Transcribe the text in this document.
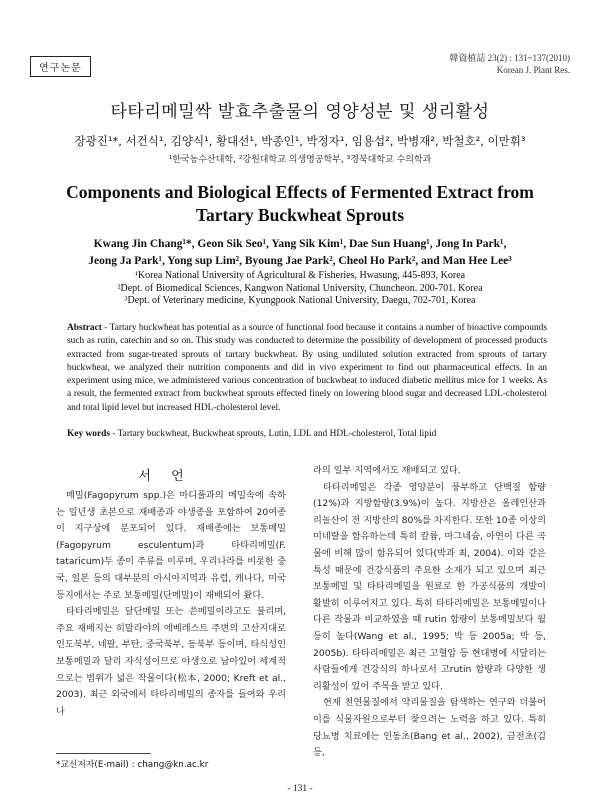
연구논문
韓資植誌 23(2) : 131~137(2010)
Korean J. Plant Res.
타타리메밀싹 발효추출물의 영양성분 및 생리활성
장광진¹*, 서건식¹, 김양식¹, 황대선¹, 박종인¹, 박정자¹, 임용섭², 박병재², 박철호², 이만휘³
¹한국농수산대학, ²강원대학교 의생명공학부, ³경북대학교 수의학과
Components and Biological Effects of Fermented Extract from
Tartary Buckwheat Sprouts
Kwang Jin Chang¹*, Geon Sik Seo¹, Yang Sik Kim¹, Dae Sun Huang¹, Jong In Park¹,
Jeong Ja Park¹, Yong sup Lim², Byoung Jae Park², Cheol Ho Park², and Man Hee Lee³
¹Korea National University of Agricultural & Fisheries, Hwasung, 445-893, Korea
²Dept. of Biomedical Sciences, Kangwon National University, Chuncheon. 200-701. Korea
³Dept. of Veterinary medicine, Kyungpook National University, Daegu, 702-701, Korea
Abstract - Tartary buckwheat has potential as a source of functional food because it contains a number of bioactive compounds such as rutin, catechin and so on. This study was conducted to determine the possibility of development of processed products extracted from sugar-treated sprouts of tartary buckwheat. By using undiluted solution extracted from sprouts of tartary buckwheat, we analyzed their nutrition components and did in vivo experiment to find out pharmaceutical effects. In an experiment using mice, we administered various concentration of buckwheat to induced diabetic mellitus mice for 1 weeks. As a result, the fermented extract from buckwheat sprouts effected finely on lowering blood sugar and decreased LDL-cholesterol and total lipid level but increased HDL-cholesterol level.
Key words - Tartary buckwheat, Buckwheat sprouts, Lutin, LDL and HDL-cholesterol, Total lipid
서 언

메밀(Fagopyrum spp.)은 마디풀과의 메밀속에 속하는 일년생 초본으로 재배종과 야생종을 포함하여 20여종이 지구상에 분포되어 있다. 재배종에는 보통메밀(Fagopyrum esculentum)과 타타리메밀(F. tataricum)두 종이 주류를 이루며, 우리나라를 비롯한 중국, 일본 등의 대부분의 아시아지역과 유럽, 캐나다, 미국 등지에서는 주로 보통메밀(단메밀)이 재배되어 왔다.

타타리메밀은 달단메밀 또는 쓴메밀이라고도 불리며, 주요 재배지는 히말라야의 에베레스트 주변의 고산지대로 인도북부, 네팔, 부탄, 중국북부, 동북부 등이며, 타식성인 보통메밀과 달리 자식성이므로 야생으로 남아있어 세계적으로는 범위가 넓은 작물이다(松本, 2000; Kreft et al., 2003). 최근 외국에서 타타리메밀의 종자를 들여와 우리나

라의 일부 지역에서도 재배되고 있다.

타타리메밀은 각종 영양분이 풍부하고 단백질 함량(12%)과 지방함량(3.9%)이 높다. 지방산은 올레인산과 리놀산이 전 지방산의 80%를 차지한다. 또한 10종 이상의 미네랄을 함유하는데 특히 칼륨, 마그네슘, 아연이 다른 곡물에 비해 많이 함유되어 있다(박과 최, 2004). 이와 같은 특성 때문에 건강식품의 주요한 소재가 되고 있으며 최근 보통메밀 및 타타리메밀을 원료로 한 가공식품의 개발이 활발히 이루어지고 있다. 특히 타타리메밀은 보통메밀이나 다른 작물과 비교하였을 때 rutin 함량이 보통메밀보다 월등히 높다(Wang et al., 1995; 박 등 2005a; 박 등, 2005b). 타타리메밀은 최근 고혈압 등 현대병에 시달리는 사람들에게 건강식의 하나로서 고rutin 함량과 다양한 생리활성이 있어 주목을 받고 있다.

현재 천연물질에서 약리물질을 탐색하는 연구와 더불어 이를 식물자원으로부터 찾으려는 노력을 하고 있다. 특히 당뇨병 치료에는 인동초(Bang et al., 2002), 금전초(김 등,

*교신저자(E-mail) : chang@kn.ac.kr
- 131 -
